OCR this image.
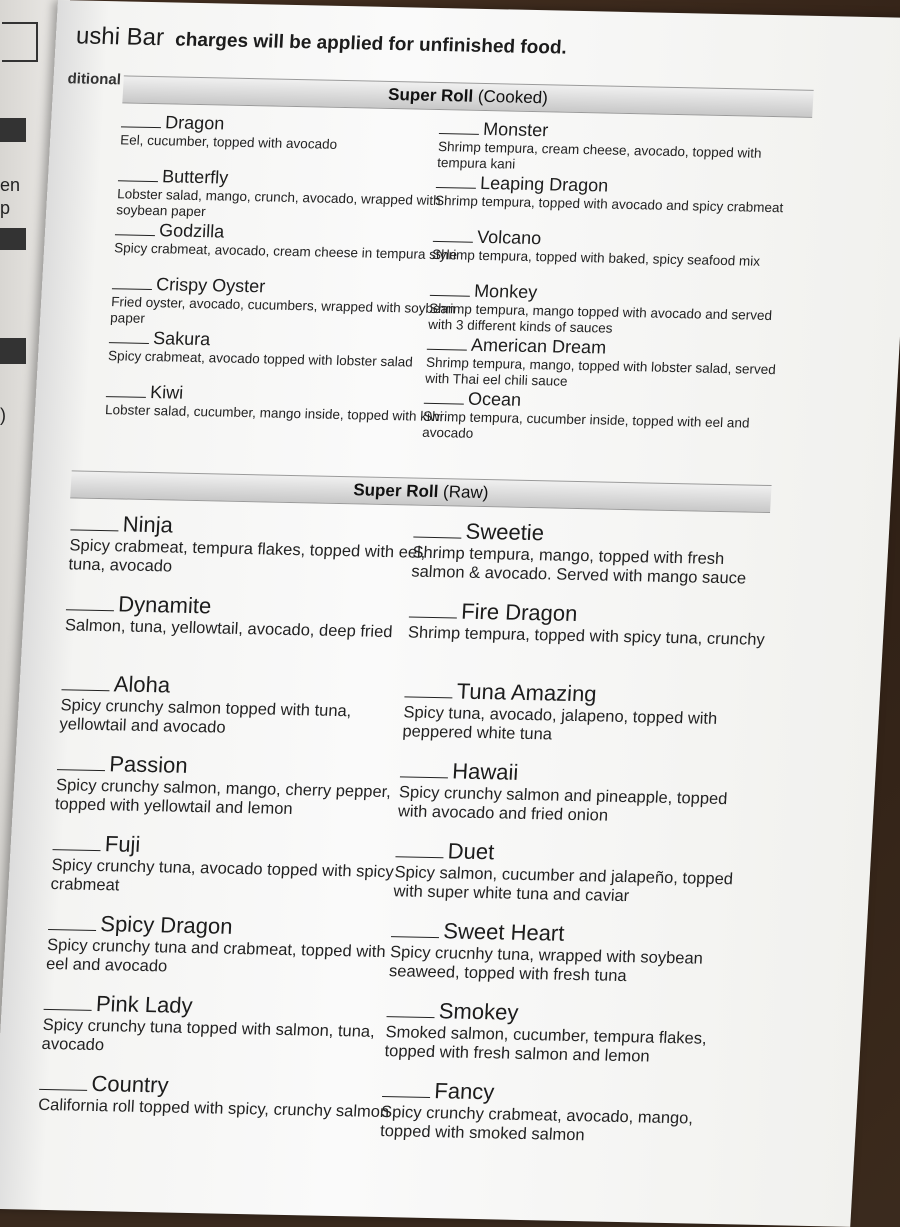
en
p
)
ushi Bar charges will be applied for unfinished food.
ditional
Super Roll (Cooked)
Dragon
Eel, cucumber, topped with avocado
Butterfly
Lobster salad, mango, crunch, avocado, wrapped with soybean paper
Godzilla
Spicy crabmeat, avocado, cream cheese in tempura style
Crispy Oyster
Fried oyster, avocado, cucumbers, wrapped with soybean paper
Sakura
Spicy crabmeat, avocado topped with lobster salad
Kiwi
Lobster salad, cucumber, mango inside, topped with kiwi
Monster
Shrimp tempura, cream cheese, avocado, topped with tempura kani
Leaping Dragon
Shrimp tempura, topped with avocado and spicy crabmeat
Volcano
Shrimp tempura, topped with baked, spicy seafood mix
Monkey
Shrimp tempura, mango topped with avocado and served with 3 different kinds of sauces
American Dream
Shrimp tempura, mango, topped with lobster salad, served with Thai eel chili sauce
Ocean
Shrimp tempura, cucumber inside, topped with eel and avocado
Super Roll (Raw)
Ninja
Spicy crabmeat, tempura flakes, topped with eel, tuna, avocado
Dynamite
Salmon, tuna, yellowtail, avocado, deep fried
Aloha
Spicy crunchy salmon topped with tuna, yellowtail and avocado
Passion
Spicy crunchy salmon, mango, cherry pepper, topped with yellowtail and lemon
Fuji
Spicy crunchy tuna, avocado topped with spicy crabmeat
Spicy Dragon
Spicy crunchy tuna and crabmeat, topped with eel and avocado
Pink Lady
Spicy crunchy tuna topped with salmon, tuna, avocado
Country
California roll topped with spicy, crunchy salmon
Sweetie
Shrimp tempura, mango, topped with fresh salmon & avocado. Served with mango sauce
Fire Dragon
Shrimp tempura, topped with spicy tuna, crunchy
Tuna Amazing
Spicy tuna, avocado, jalapeno, topped with peppered white tuna
Hawaii
Spicy crunchy salmon and pineapple, topped with avocado and fried onion
Duet
Spicy salmon, cucumber and jalapeño, topped with super white tuna and caviar
Sweet Heart
Spicy crucnhy tuna, wrapped with soybean seaweed, topped with fresh tuna
Smokey
Smoked salmon, cucumber, tempura flakes, topped with fresh salmon and lemon
Fancy
Spicy crunchy crabmeat, avocado, mango, topped with smoked salmon
